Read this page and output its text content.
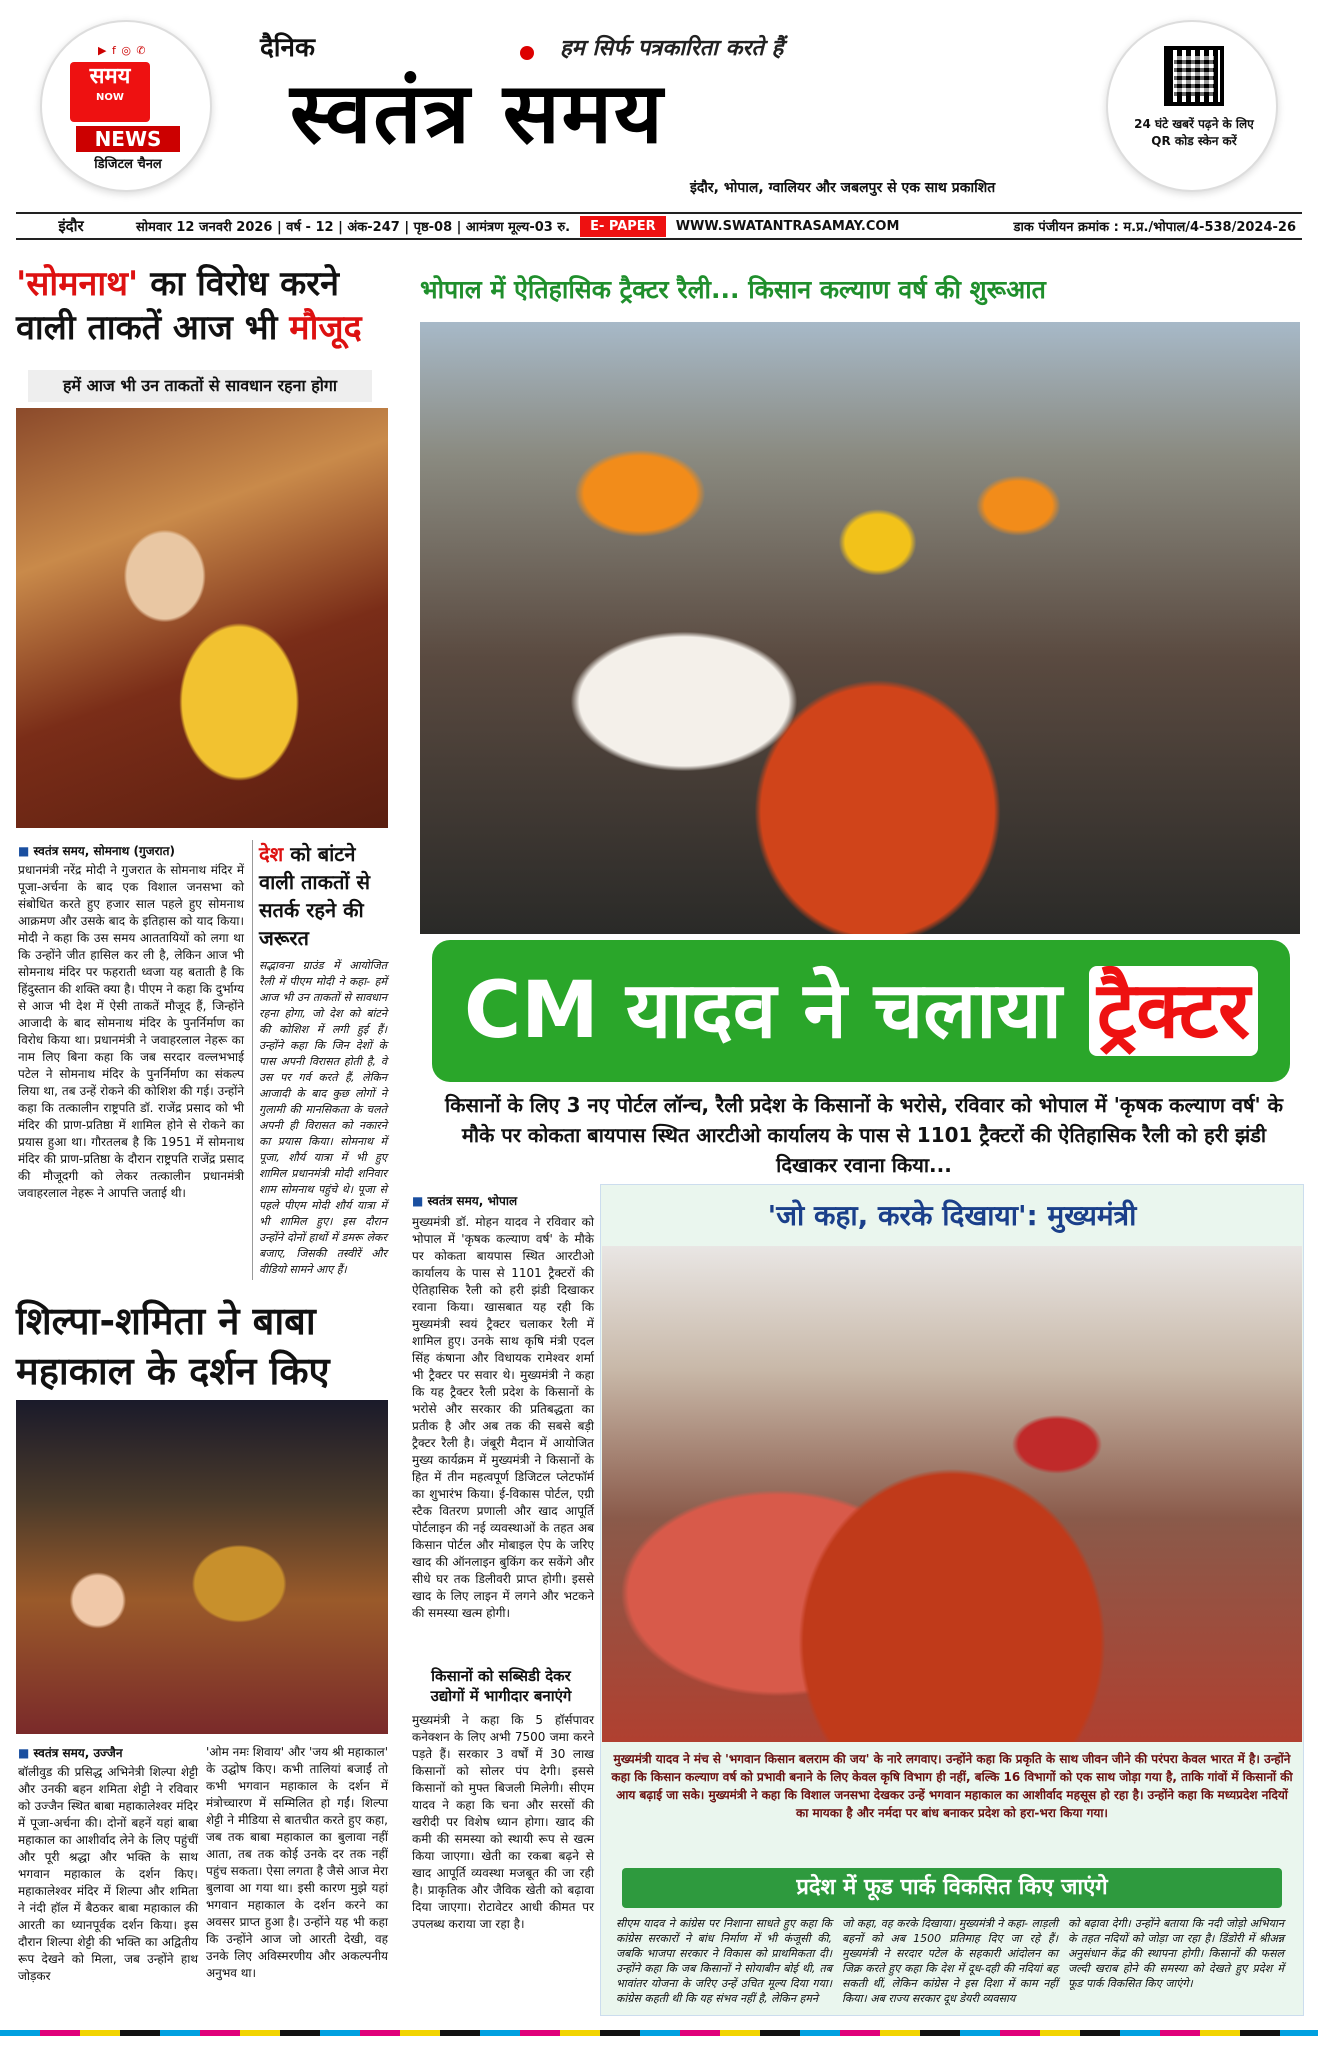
▶ f ◎ ✆
समय
NOW
NEWS
डिजिटल चैनल
दैनिक	हम सिर्फ पत्रकारिता करते हैं
स्वतंत्र समय
इंदौर, भोपाल, ग्वालियर और जबलपुर से एक साथ प्रकाशित
24 घंटे खबरें पढ़ने के लिए QR कोड स्केन करें
इंदौर	सोमवार 12 जनवरी 2026 | वर्ष - 12 | अंक-247 | पृष्ठ-08 | आमंत्रण मूल्य-03 रु.	E- PAPER	WWW.SWATANTRASAMAY.COM	डाक पंजीयन क्रमांक : म.प्र./भोपाल/4-538/2024-26
'सोमनाथ' का विरोध करने वाली ताकतें आज भी मौजूद
हमें आज भी उन ताकतों से सावधान रहना होगा
■ स्वतंत्र समय, सोमनाथ (गुजरात)
प्रधानमंत्री नरेंद्र मोदी ने गुजरात के सोमनाथ मंदिर में पूजा-अर्चना के बाद एक विशाल जनसभा को संबोधित करते हुए हजार साल पहले हुए सोमनाथ आक्रमण और उसके बाद के इतिहास को याद किया। मोदी ने कहा कि उस समय आततायियों को लगा था कि उन्होंने जीत हासिल कर ली है, लेकिन आज भी सोमनाथ मंदिर पर फहराती ध्वजा यह बताती है कि हिंदुस्तान की शक्ति क्या है। पीएम ने कहा कि दुर्भाग्य से आज भी देश में ऐसी ताकतें मौजूद हैं, जिन्होंने आजादी के बाद सोमनाथ मंदिर के पुनर्निर्माण का विरोध किया था। प्रधानमंत्री ने जवाहरलाल नेहरू का नाम लिए बिना कहा कि जब सरदार वल्लभभाई पटेल ने सोमनाथ मंदिर के पुनर्निर्माण का संकल्प लिया था, तब उन्हें रोकने की कोशिश की गई। उन्होंने कहा कि तत्कालीन राष्ट्रपति डॉ. राजेंद्र प्रसाद को भी मंदिर की प्राण-प्रतिष्ठा में शामिल होने से रोकने का प्रयास हुआ था। गौरतलब है कि 1951 में सोमनाथ मंदिर की प्राण-प्रतिष्ठा के दौरान राष्ट्रपति राजेंद्र प्रसाद की मौजूदगी को लेकर तत्कालीन प्रधानमंत्री जवाहरलाल नेहरू ने आपत्ति जताई थी।
देश को बांटने वाली ताकतों से सतर्क रहने की जरूरत
सद्भावना ग्राउंड में आयोजित रैली में पीएम मोदी ने कहा- हमें आज भी उन ताकतों से सावधान रहना होगा, जो देश को बांटने की कोशिश में लगी हुई हैं। उन्होंने कहा कि जिन देशों के पास अपनी विरासत होती है, वे उस पर गर्व करते हैं, लेकिन आजादी के बाद कुछ लोगों ने गुलामी की मानसिकता के चलते अपनी ही विरासत को नकारने का प्रयास किया। सोमनाथ में पूजा, शौर्य यात्रा में भी हुए शामिल प्रधानमंत्री मोदी शनिवार शाम सोमनाथ पहुंचे थे। पूजा से पहले पीएम मोदी शौर्य यात्रा में भी शामिल हुए। इस दौरान उन्होंने दोनों हाथों में डमरू लेकर बजाए, जिसकी तस्वीरें और वीडियो सामने आए हैं।
शिल्पा-शमिता ने बाबा महाकाल के दर्शन किए
■ स्वतंत्र समय, उज्जैन
बॉलीवुड की प्रसिद्ध अभिनेत्री शिल्पा शेट्टी और उनकी बहन शमिता शेट्टी ने रविवार को उज्जैन स्थित बाबा महाकालेश्वर मंदिर में पूजा-अर्चना की। दोनों बहनें यहां बाबा महाकाल का आशीर्वाद लेने के लिए पहुंचीं और पूरी श्रद्धा और भक्ति के साथ भगवान महाकाल के दर्शन किए। महाकालेश्वर मंदिर में शिल्पा और शमिता ने नंदी हॉल में बैठकर बाबा महाकाल की आरती का ध्यानपूर्वक दर्शन किया। इस दौरान शिल्पा शेट्टी की भक्ति का अद्वितीय रूप देखने को मिला, जब उन्होंने हाथ जोड़कर
'ओम नमः शिवाय' और 'जय श्री महाकाल' के उद्घोष किए। कभी तालियां बजाईं तो कभी भगवान महाकाल के दर्शन में मंत्रोच्चारण में सम्मिलित हो गईं। शिल्पा शेट्टी ने मीडिया से बातचीत करते हुए कहा, जब तक बाबा महाकाल का बुलावा नहीं आता, तब तक कोई उनके दर तक नहीं पहुंच सकता। ऐसा लगता है जैसे आज मेरा बुलावा आ गया था। इसी कारण मुझे यहां भगवान महाकाल के दर्शन करने का अवसर प्राप्त हुआ है। उन्होंने यह भी कहा कि उन्होंने आज जो आरती देखी, वह उनके लिए अविस्मरणीय और अकल्पनीय अनुभव था।
भोपाल में ऐतिहासिक ट्रैक्टर रैली... किसान कल्याण वर्ष की शुरूआत
CM यादव ने चलाया ट्रैक्टर
किसानों के लिए 3 नए पोर्टल लॉन्च, रैली प्रदेश के किसानों के भरोसे, रविवार को भोपाल में 'कृषक कल्याण वर्ष' के मौके पर कोकता बायपास स्थित आरटीओ कार्यालय के पास से 1101 ट्रैक्टरों की ऐतिहासिक रैली को हरी झंडी दिखाकर रवाना किया...
■ स्वतंत्र समय, भोपाल
मुख्यमंत्री डॉ. मोहन यादव ने रविवार को भोपाल में 'कृषक कल्याण वर्ष' के मौके पर कोकता बायपास स्थित आरटीओ कार्यालय के पास से 1101 ट्रैक्टरों की ऐतिहासिक रैली को हरी झंडी दिखाकर रवाना किया। खासबात यह रही कि मुख्यमंत्री स्वयं ट्रैक्टर चलाकर रैली में शामिल हुए। उनके साथ कृषि मंत्री एदल सिंह कंषाना और विधायक रामेश्वर शर्मा भी ट्रैक्टर पर सवार थे। मुख्यमंत्री ने कहा कि यह ट्रैक्टर रैली प्रदेश के किसानों के भरोसे और सरकार की प्रतिबद्धता का प्रतीक है और अब तक की सबसे बड़ी ट्रैक्टर रैली है। जंबूरी मैदान में आयोजित मुख्य कार्यक्रम में मुख्यमंत्री ने किसानों के हित में तीन महत्वपूर्ण डिजिटल प्लेटफॉर्म का शुभारंभ किया। ई-विकास पोर्टल, एग्री स्टैक वितरण प्रणाली और खाद आपूर्ति पोर्टलाइन की नई व्यवस्थाओं के तहत अब किसान पोर्टल और मोबाइल ऐप के जरिए खाद की ऑनलाइन बुकिंग कर सकेंगे और सीधे घर तक डिलीवरी प्राप्त होगी। इससे खाद के लिए लाइन में लगने और भटकने की समस्या खत्म होगी।
किसानों को सब्सिडी देकर उद्योगों में भागीदार बनाएंगे
मुख्यमंत्री ने कहा कि 5 हॉर्सपावर कनेक्शन के लिए अभी 7500 जमा करने पड़ते हैं। सरकार 3 वर्षों में 30 लाख किसानों को सोलर पंप देगी। इससे किसानों को मुफ्त बिजली मिलेगी। सीएम यादव ने कहा कि चना और सरसों की खरीदी पर विशेष ध्यान होगा। खाद की कमी की समस्या को स्थायी रूप से खत्म किया जाएगा। खेती का रकबा बढ़ने से खाद आपूर्ति व्यवस्था मजबूत की जा रही है। प्राकृतिक और जैविक खेती को बढ़ावा दिया जाएगा। रोटावेटर आधी कीमत पर उपलब्ध कराया जा रहा है।
'जो कहा, करके दिखाया': मुख्यमंत्री
मुख्यमंत्री यादव ने मंच से 'भगवान किसान बलराम की जय' के नारे लगवाए। उन्होंने कहा कि प्रकृति के साथ जीवन जीने की परंपरा केवल भारत में है। उन्होंने कहा कि किसान कल्याण वर्ष को प्रभावी बनाने के लिए केवल कृषि विभाग ही नहीं, बल्कि 16 विभागों को एक साथ जोड़ा गया है, ताकि गांवों में किसानों की आय बढ़ाई जा सके। मुख्यमंत्री ने कहा कि विशाल जनसभा देखकर उन्हें भगवान महाकाल का आशीर्वाद महसूस हो रहा है। उन्होंने कहा कि मध्यप्रदेश नदियों का मायका है और नर्मदा पर बांध बनाकर प्रदेश को हरा-भरा किया गया।
प्रदेश में फूड पार्क विकसित किए जाएंगे
सीएम यादव ने कांग्रेस पर निशाना साधते हुए कहा कि कांग्रेस सरकारों ने बांध निर्माण में भी कंजूसी की, जबकि भाजपा सरकार ने विकास को प्राथमिकता दी। उन्होंने कहा कि जब किसानों ने सोयाबीन बोई थी, तब भावांतर योजना के जरिए उन्हें उचित मूल्य दिया गया। कांग्रेस कहती थी कि यह संभव नहीं है, लेकिन हमने
जो कहा, वह करके दिखाया। मुख्यमंत्री ने कहा- लाड़ली बहनों को अब 1500 प्रतिमाह दिए जा रहे हैं। मुख्यमंत्री ने सरदार पटेल के सहकारी आंदोलन का जिक्र करते हुए कहा कि देश में दूध-दही की नदियां बह सकती थीं, लेकिन कांग्रेस ने इस दिशा में काम नहीं किया। अब राज्य सरकार दूध डेयरी व्यवसाय
को बढ़ावा देगी। उन्होंने बताया कि नदी जोड़ो अभियान के तहत नदियों को जोड़ा जा रहा है। डिंडोरी में श्रीअन्न अनुसंधान केंद्र की स्थापना होगी। किसानों की फसल जल्दी खराब होने की समस्या को देखते हुए प्रदेश में फूड पार्क विकसित किए जाएंगे।
